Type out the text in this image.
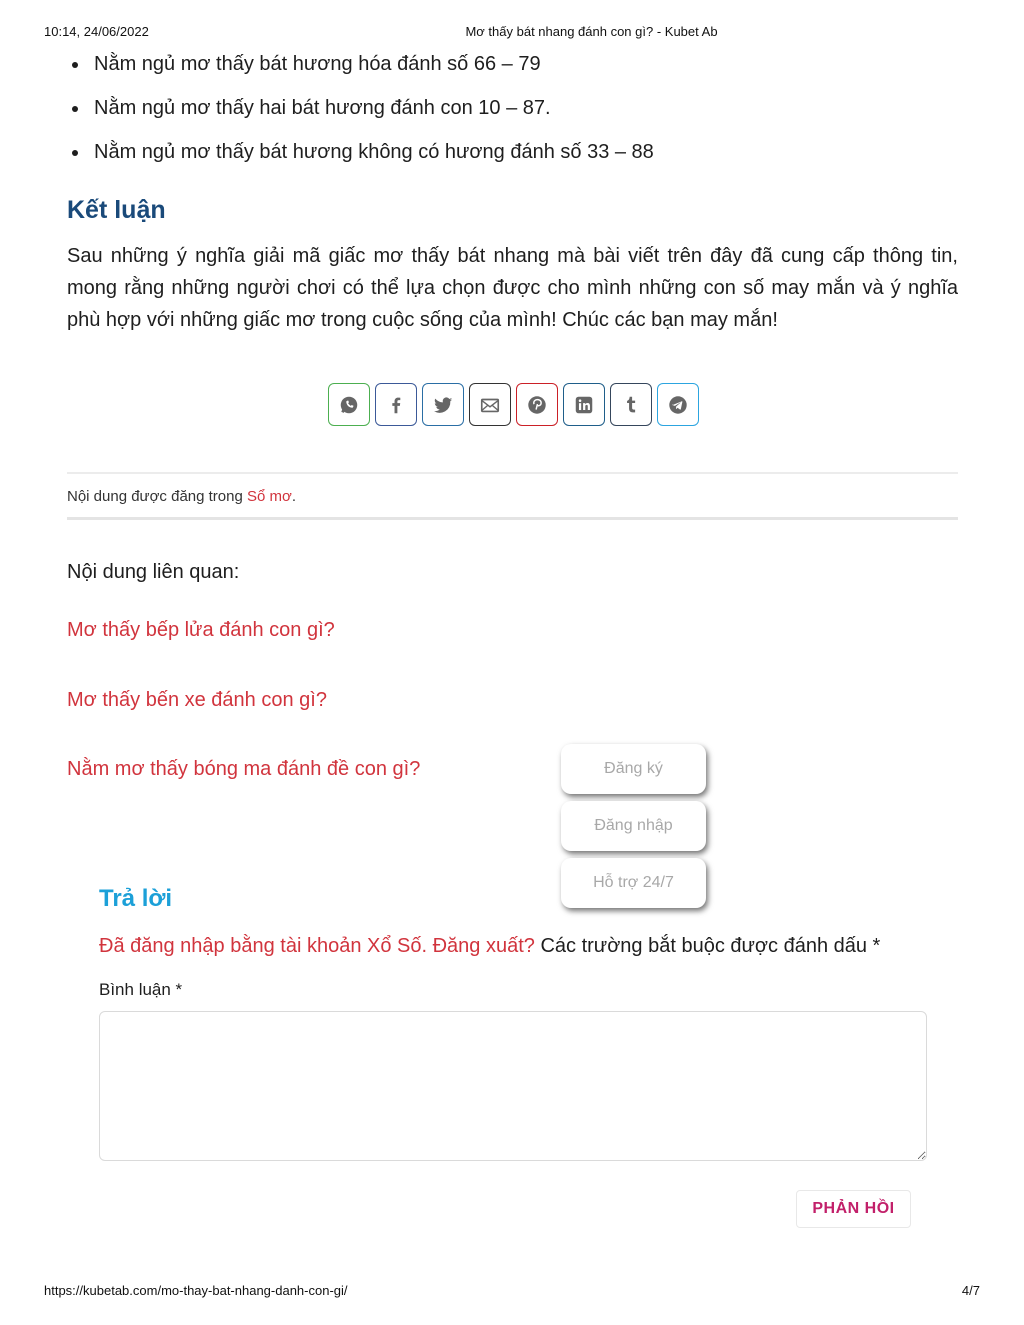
10:14, 24/06/2022	Mơ thấy bát nhang đánh con gì? - Kubet Ab
Nằm ngủ mơ thấy bát hương hóa đánh số 66 – 79
Nằm ngủ mơ thấy hai bát hương đánh con 10 – 87.
Nằm ngủ mơ thấy bát hương không có hương đánh số 33 – 88
Kết luận

Sau những ý nghĩa giải mã giấc mơ thấy bát nhang mà bài viết trên đây đã cung cấp thông tin, mong rằng những người chơi có thể lựa chọn được cho mình những con số may mắn và ý nghĩa phù hợp với những giấc mơ trong cuộc sống của mình! Chúc các bạn may mắn!

Nội dung được đăng trong Sổ mơ.
Nội dung liên quan:
Mơ thấy bếp lửa đánh con gì?
Mơ thấy bến xe đánh con gì?
Nằm mơ thấy bóng ma đánh đề con gì?	Đăng ký
Đăng nhập
Hỗ trợ 24/7
Trả lời
Đã đăng nhập bằng tài khoản Xổ Số. Đăng xuất? Các trường bắt buộc được đánh dấu *
Bình luận *
PHẢN HỒI
https://kubetab.com/mo-thay-bat-nhang-danh-con-gi/	4/7
